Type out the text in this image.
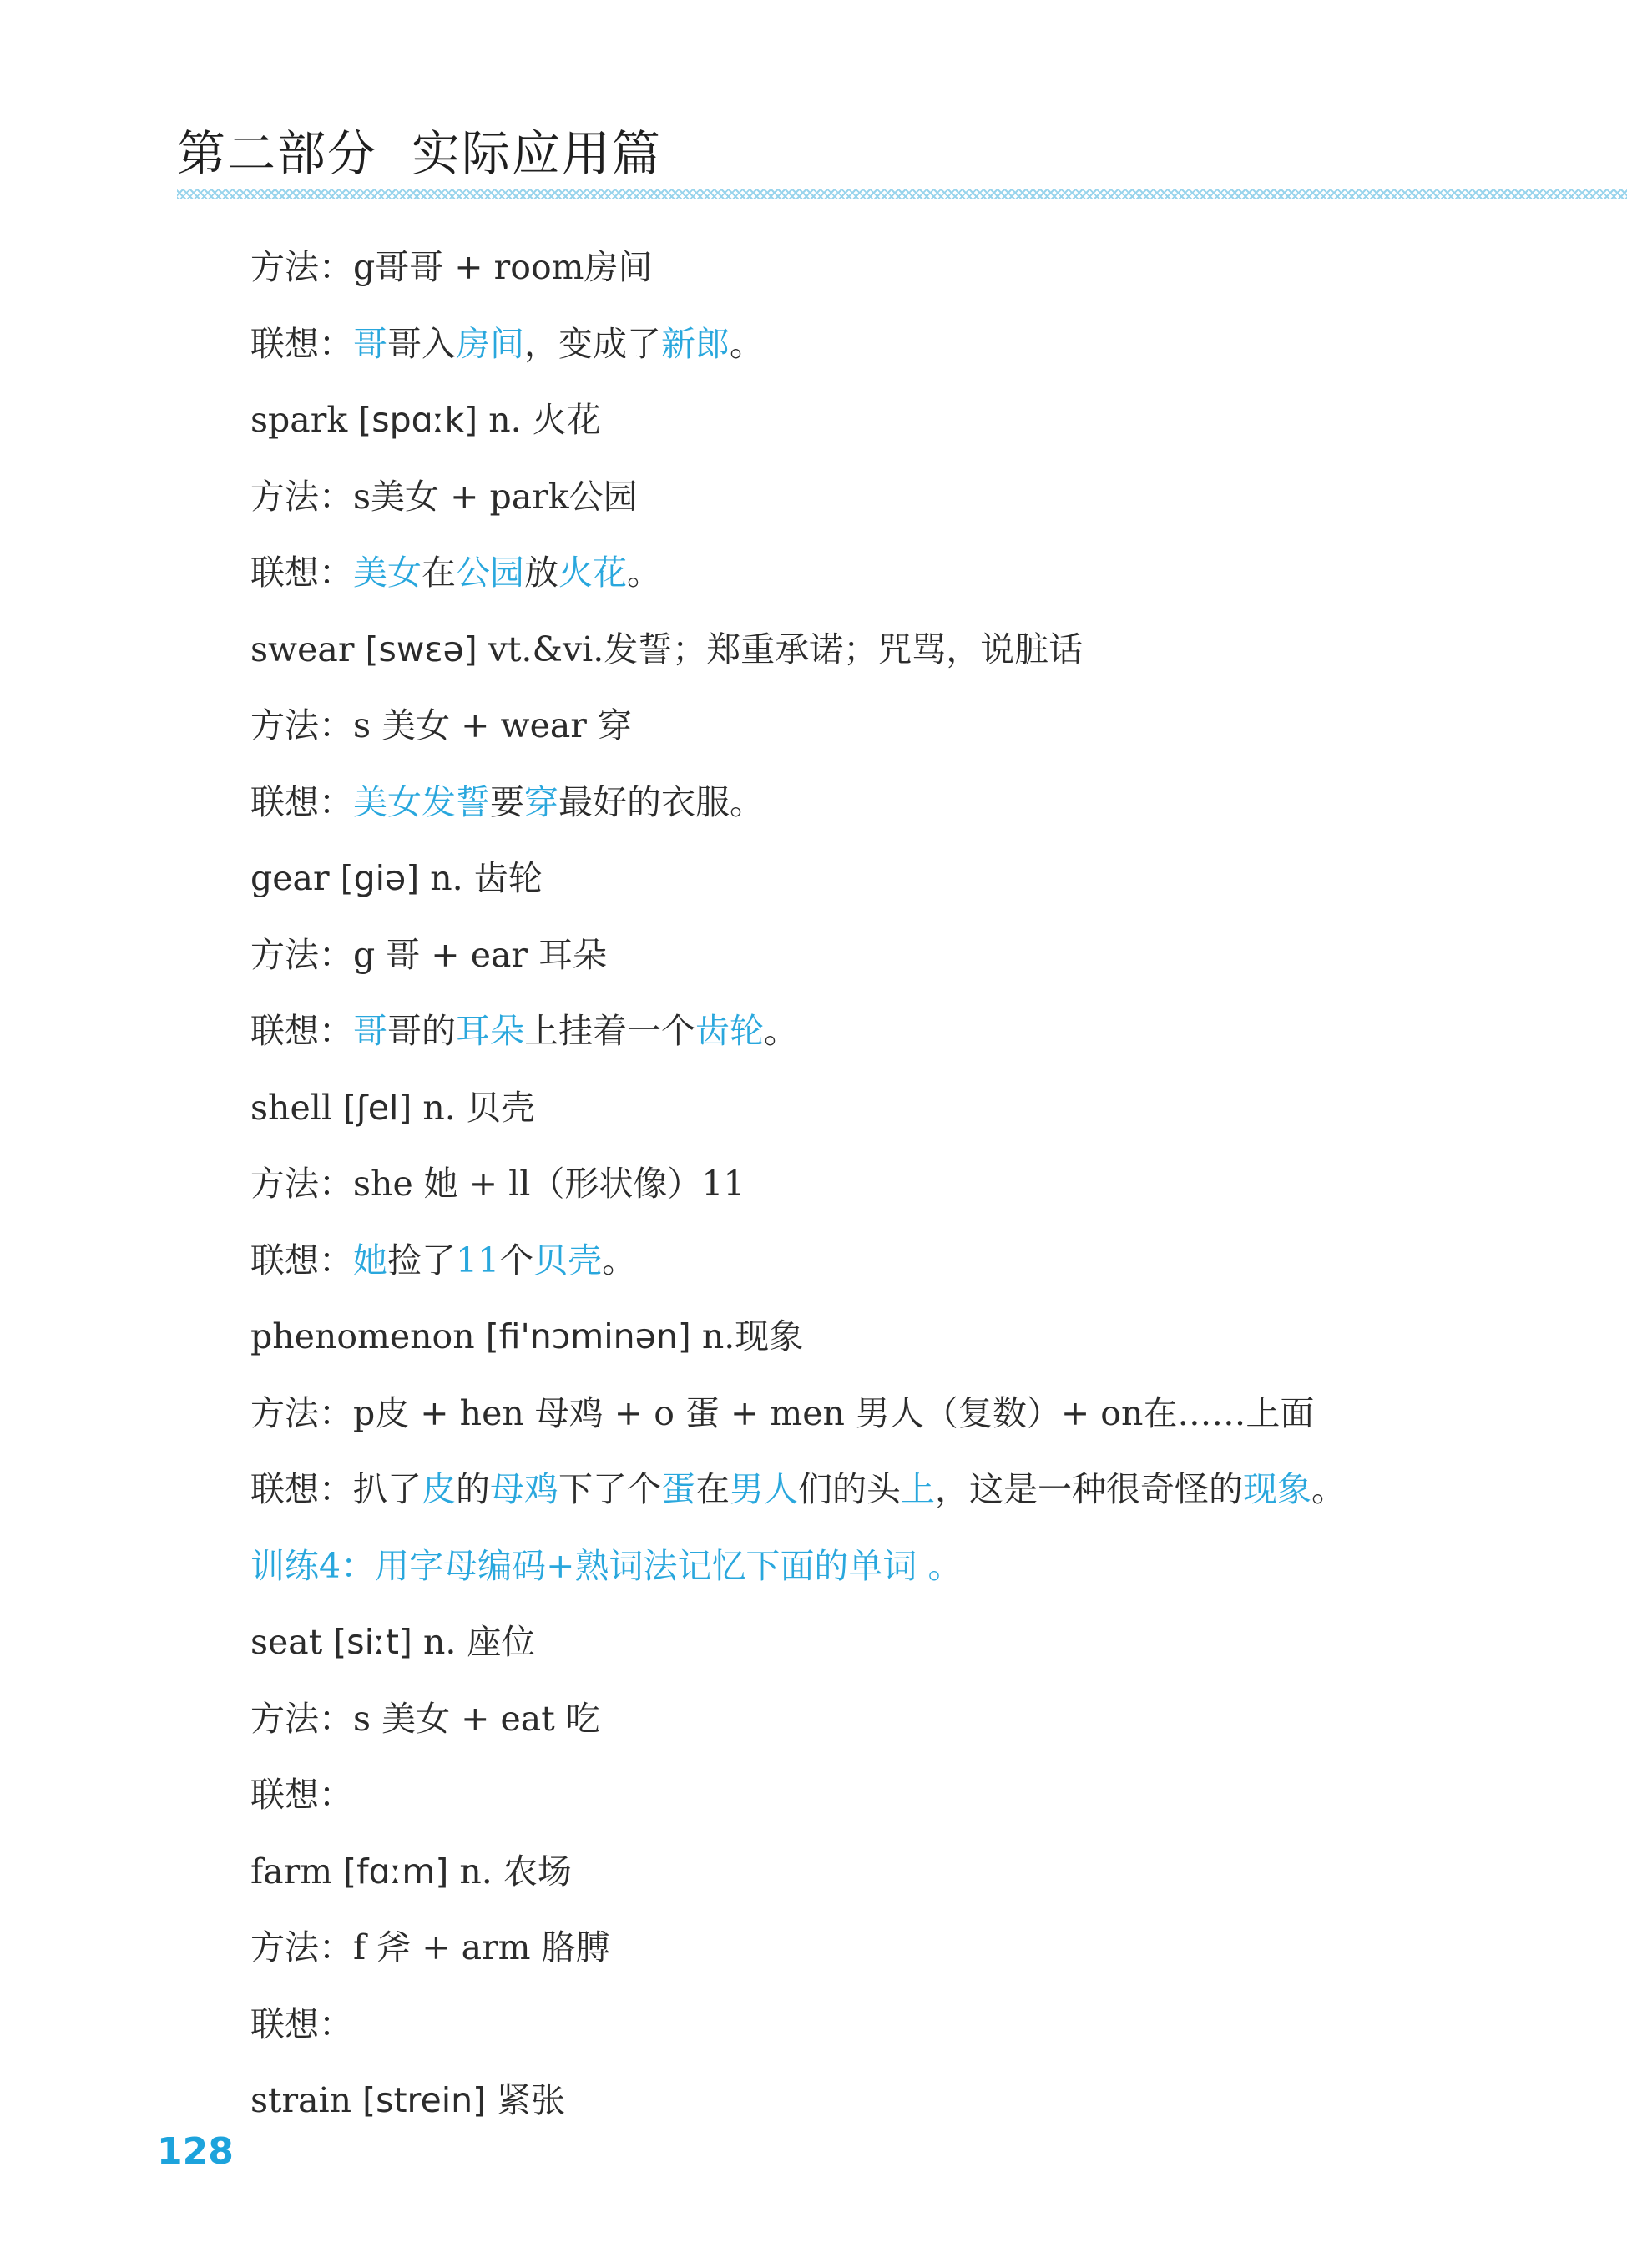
第二部分  实际应用篇
方法：g哥哥 + room房间
联想：哥哥入房间，变成了新郎。
spark [spɑːk] n. 火花
方法：s美女 + park公园
联想：美女在公园放火花。
swear [swɛə] vt.&vi.发誓；郑重承诺；咒骂，说脏话
方法：s 美女 + wear 穿
联想：美女发誓要穿最好的衣服。
gear [giə] n. 齿轮
方法：g 哥 + ear 耳朵
联想：哥哥的耳朵上挂着一个齿轮。
shell [ʃel] n. 贝壳
方法：she 她 + ll（形状像）11
联想：她捡了11个贝壳。
phenomenon [fi'nɔminən] n.现象
方法：p皮 + hen 母鸡 + o 蛋 + men 男人（复数）+ on在……上面
联想：扒了皮的母鸡下了个蛋在男人们的头上，这是一种很奇怪的现象。
训练4：用字母编码+熟词法记忆下面的单词 。
seat [siːt] n. 座位
方法：s 美女 + eat 吃
联想：
farm [fɑːm] n. 农场
方法：f 斧 + arm 胳膊
联想：
strain [strein] 紧张
128
